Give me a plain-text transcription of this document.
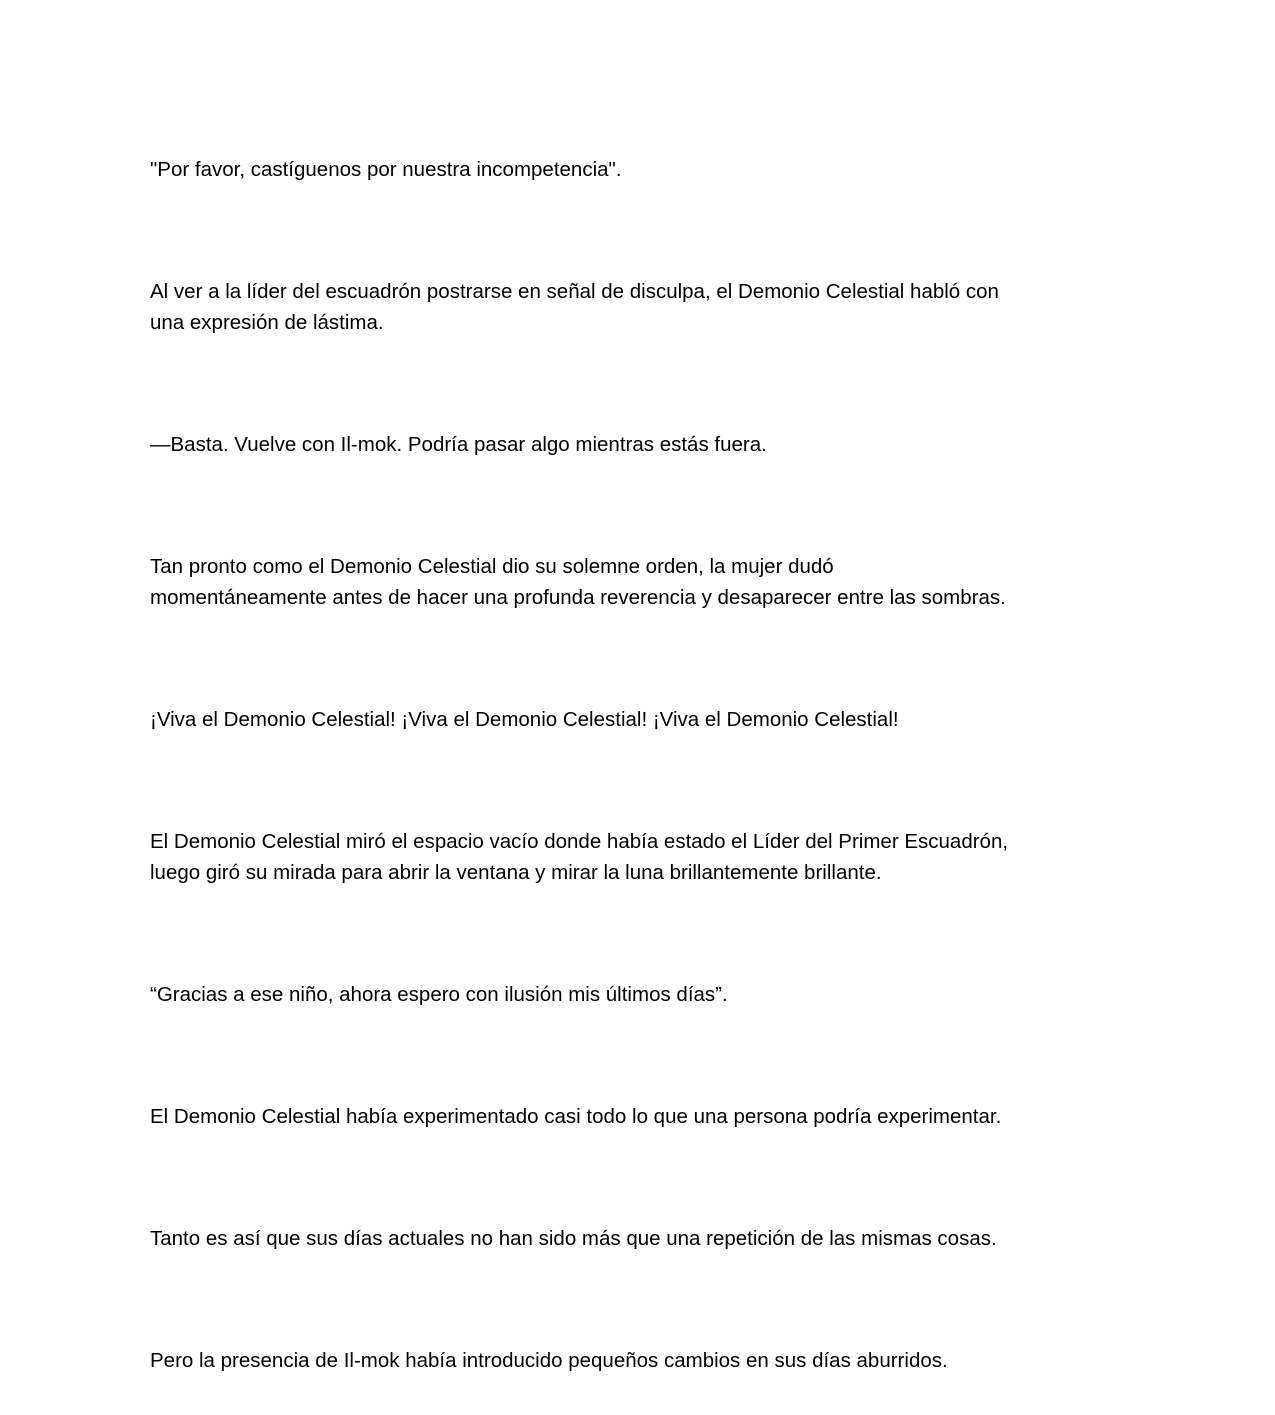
"Por favor, castíguenos por nuestra incompetencia".

Al ver a la líder del escuadrón postrarse en señal de disculpa, el Demonio Celestial habló con
una expresión de lástima.

—Basta. Vuelve con Il-mok. Podría pasar algo mientras estás fuera.

Tan pronto como el Demonio Celestial dio su solemne orden, la mujer dudó
momentáneamente antes de hacer una profunda reverencia y desaparecer entre las sombras.

¡Viva el Demonio Celestial! ¡Viva el Demonio Celestial! ¡Viva el Demonio Celestial!

El Demonio Celestial miró el espacio vacío donde había estado el Líder del Primer Escuadrón,
luego giró su mirada para abrir la ventana y mirar la luna brillantemente brillante.

“Gracias a ese niño, ahora espero con ilusión mis últimos días”.

El Demonio Celestial había experimentado casi todo lo que una persona podría experimentar.

Tanto es así que sus días actuales no han sido más que una repetición de las mismas cosas.

Pero la presencia de Il-mok había introducido pequeños cambios en sus días aburridos.
